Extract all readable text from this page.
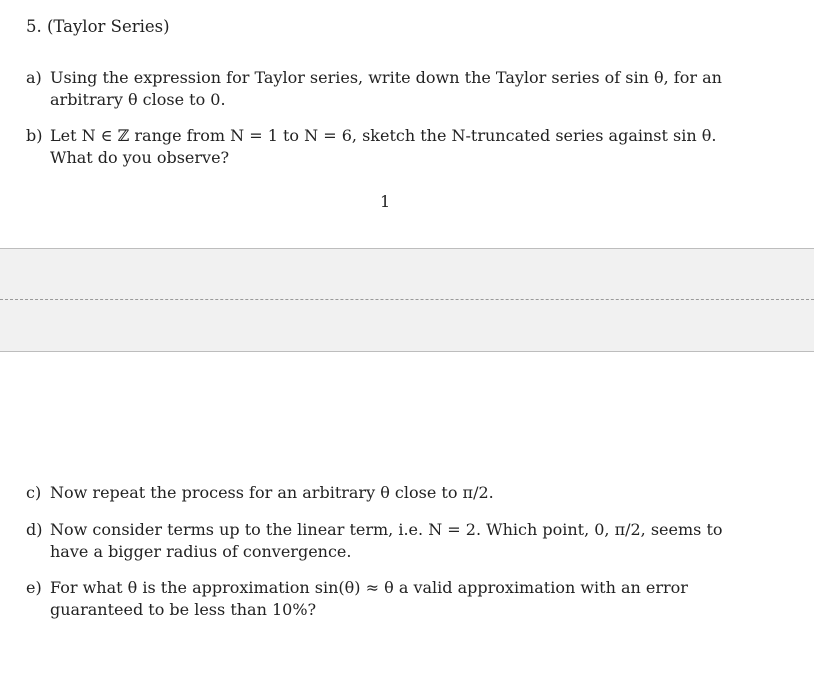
5. (Taylor Series)
a) Using the expression for Taylor series, write down the Taylor series of sin θ, for an arbitrary θ close to 0.
b) Let N ∈ ℤ range from N = 1 to N = 6, sketch the N-truncated series against sin θ. What do you observe?
1
c) Now repeat the process for an arbitrary θ close to π/2.
d) Now consider terms up to the linear term, i.e. N = 2. Which point, 0, π/2, seems to have a bigger radius of convergence.
e) For what θ is the approximation sin(θ) ≈ θ a valid approximation with an error guaranteed to be less than 10%?
